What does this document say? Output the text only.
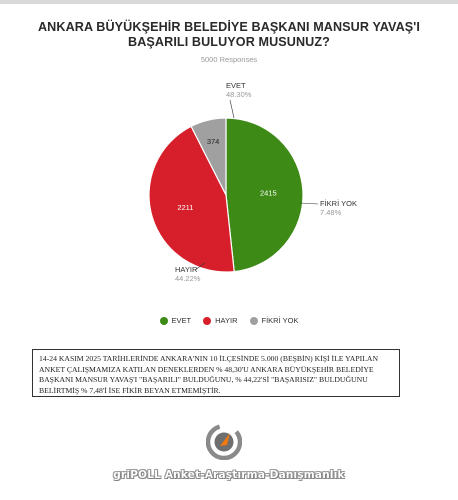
ANKARA BÜYÜKŞEHİR BELEDİYE BAŞKANI MANSUR YAVAŞ'I BAŞARILI BULUYOR MUSUNUZ?
5000 Responses
2415
EVET
48.30%
2211
HAYIR
44.22%
374
FİKRİ YOK
7.48%
EVET	HAYIR	FİKRİ YOK
14-24 KASIM 2025 TARİHLERİNDE ANKARA'NIN 10 İLÇESİNDE 5.000 (BEŞBİN) KİŞİ İLE YAPILAN ANKET ÇALIŞMAMIZA KATILAN DENEKLERDEN % 48,30'U ANKARA BÜYÜKŞEHİR BELEDİYE BAŞKANI MANSUR YAVAŞ'I "BAŞARILI" BULDUĞUNU, % 44,22'Sİ "BAŞARISIZ" BULDUĞUNU BELİRTMİŞ % 7,48'İ İSE FİKİR BEYAN ETMEMİŞTİR.
griPOLL Anket-Araştırma-Danışmanlık
